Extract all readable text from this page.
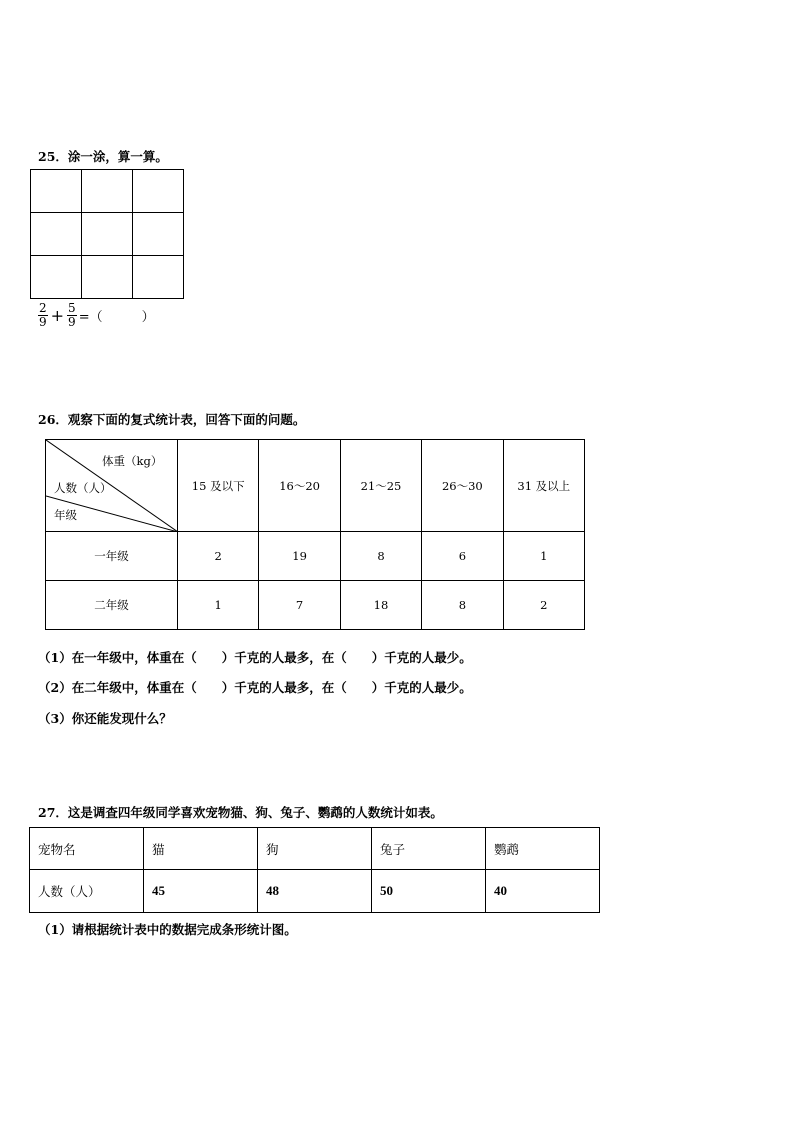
25．涂一涂，算一算。

$\frac{2}{9} + \frac{5}{9}$ =（　　　）
26．观察下面的复式统计表，回答下面的问题。
体重（kg）
人数（人）
年级	15 及以下	16～20	21～25	26～30	31 及以上
一年级	2	19	8	6	1
二年级	1	7	18	8	2
（1）在一年级中，体重在（　　）千克的人最多，在（　　）千克的人最少。
（2）在二年级中，体重在（　　）千克的人最多，在（　　）千克的人最少。
（3）你还能发现什么？
27．这是调查四年级同学喜欢宠物猫、狗、兔子、鹦鹉的人数统计如表。
宠物名	猫	狗	兔子	鹦鹉
人数（人）	45	48	50	40
（1）请根据统计表中的数据完成条形统计图。
